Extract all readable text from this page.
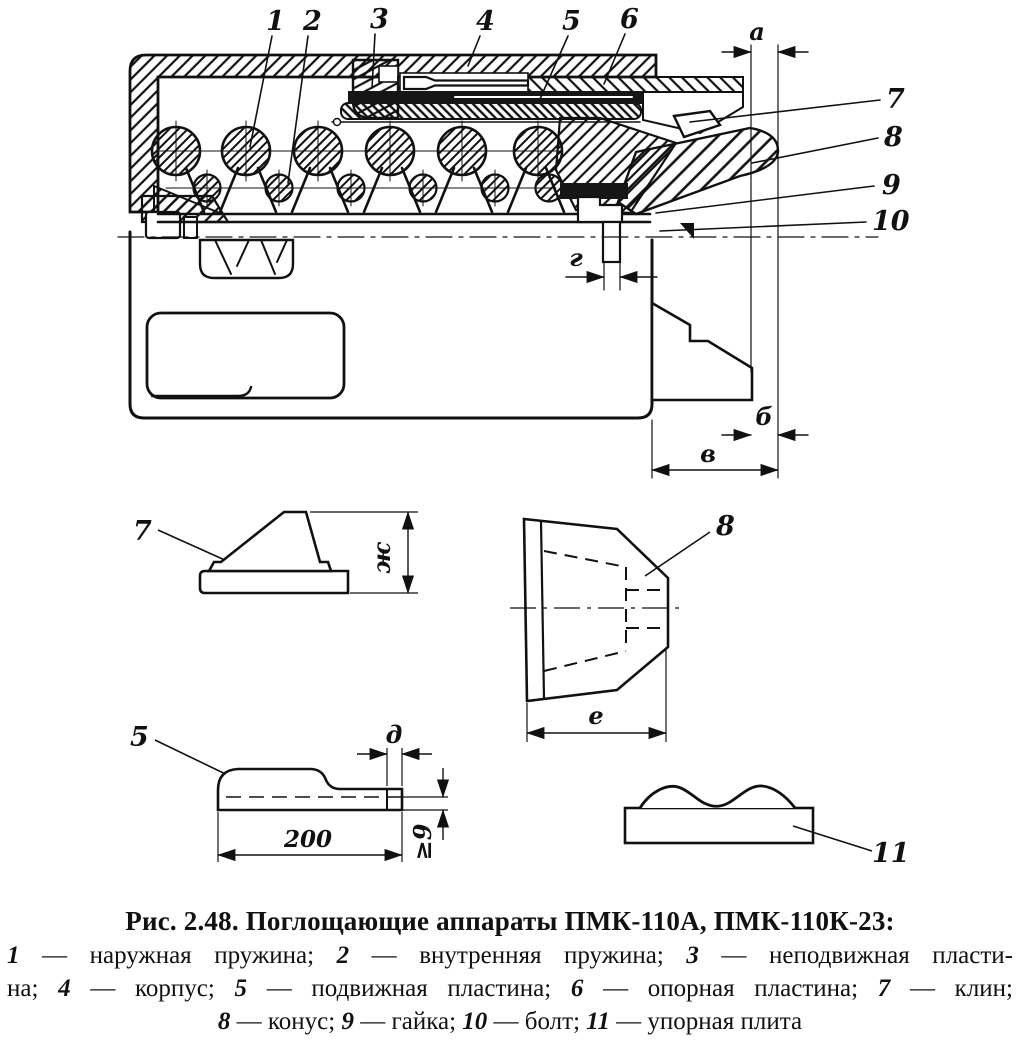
а
б
в
г
1 2 3	4 5 6
7
8
9
10
7
ж
8
е
5	д
200	≥9	11
Рис. 2.48. Поглощающие аппараты ПМК-110А, ПМК-110К-23:
1 — наружная пружина; 2 — внутренняя пружина; 3 — неподвижная пласти-
на; 4 — корпус; 5 — подвижная пластина; 6 — опорная пластина; 7 — клин;
8 — конус; 9 — гайка; 10 — болт; 11 — упорная плита
